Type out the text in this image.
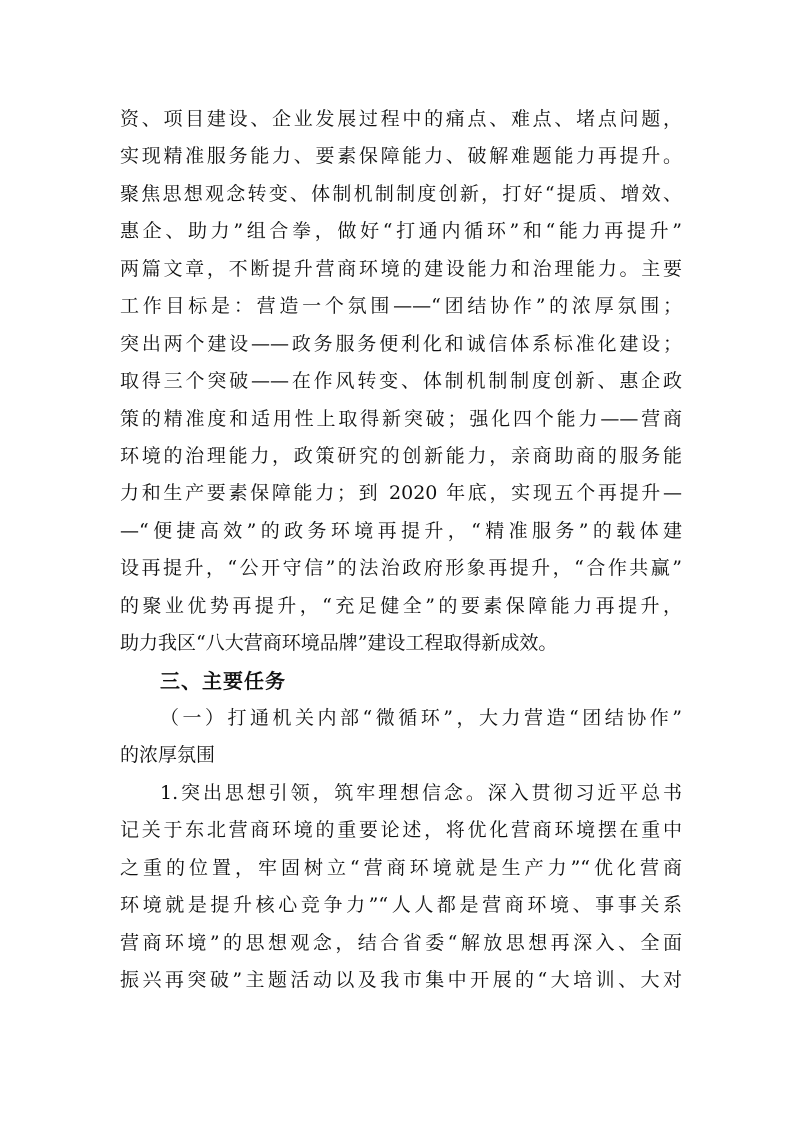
资、项目建设、企业发展过程中的痛点、难点、堵点问题，
实现精准服务能力、要素保障能力、破解难题能力再提升。
聚焦思想观念转变、体制机制制度创新，打好“提质、增效、
惠企、助力”组合拳，做好“打通内循环”和“能力再提升”
两篇文章，不断提升营商环境的建设能力和治理能力。主要
工作目标是：营造一个氛围——“团结协作”的浓厚氛围；
突出两个建设——政务服务便利化和诚信体系标准化建设；
取得三个突破——在作风转变、体制机制制度创新、惠企政
策的精准度和适用性上取得新突破；强化四个能力——营商
环境的治理能力，政策研究的创新能力，亲商助商的服务能
力和生产要素保障能力；到 2020 年底，实现五个再提升—
—“便捷高效”的政务环境再提升，“精准服务”的载体建
设再提升，“公开守信”的法治政府形象再提升，“合作共赢”
的聚业优势再提升，“充足健全”的要素保障能力再提升，
助力我区“八大营商环境品牌”建设工程取得新成效。
三、主要任务
（一）打通机关内部“微循环”，大力营造“团结协作”
的浓厚氛围
1.突出思想引领，筑牢理想信念。深入贯彻习近平总书
记关于东北营商环境的重要论述，将优化营商环境摆在重中
之重的位置，牢固树立“营商环境就是生产力”“优化营商
环境就是提升核心竞争力”“人人都是营商环境、事事关系
营商环境”的思想观念，结合省委“解放思想再深入、全面
振兴再突破”主题活动以及我市集中开展的“大培训、大对
